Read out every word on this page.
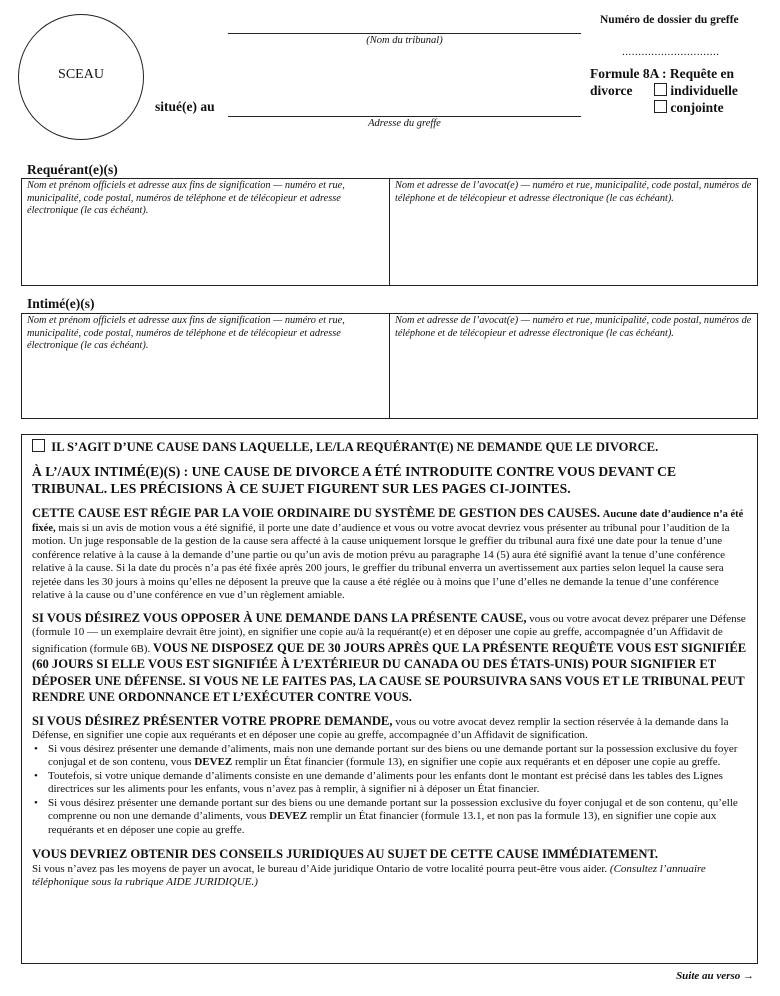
SCEAU
(Nom du tribunal)
situé(e) au
Adresse du greffe
Numéro de dossier du greffe
..............................
Formule 8A : Requête en
divorce	individuelle
conjointe
Requérant(e)(s)
Nom et prénom officiels et adresse aux fins de signification — numéro et rue, municipalité, code postal, numéros de téléphone et de télécopieur et adresse électronique (le cas échéant).
Nom et adresse de l’avocat(e) — numéro et rue, municipalité, code postal, numéros de téléphone et de télécopieur et adresse électronique (le cas échéant).
Intimé(e)(s)
Nom et prénom officiels et adresse aux fins de signification — numéro et rue, municipalité, code postal, numéros de téléphone et de télécopieur et adresse électronique (le cas échéant).
Nom et adresse de l’avocat(e) — numéro et rue, municipalité, code postal, numéros de téléphone et de télécopieur et adresse électronique (le cas échéant).

IL S’AGIT D’UNE CAUSE DANS LAQUELLE, LE/LA REQUÉRANT(E) NE DEMANDE QUE LE DIVORCE.

À L’/AUX INTIMÉ(E)(S) : UNE CAUSE DE DIVORCE A ÉTÉ INTRODUITE CONTRE VOUS DEVANT CE TRIBUNAL. LES PRÉCISIONS À CE SUJET FIGURENT SUR LES PAGES CI-JOINTES.

CETTE CAUSE EST RÉGIE PAR LA VOIE ORDINAIRE DU SYSTÈME DE GESTION DES CAUSES. Aucune date d’audience n’a été fixée, mais si un avis de motion vous a été signifié, il porte une date d’audience et vous ou votre avocat devriez vous présenter au tribunal pour l’audition de la motion. Un juge responsable de la gestion de la cause sera affecté à la cause uniquement lorsque le greffier du tribunal aura fixé une date pour la tenue d’une conférence relative à la cause à la demande d’une partie ou qu’un avis de motion prévu au paragraphe 14 (5) aura été signifié avant la tenue d’une conférence relative à la cause. Si la date du procès n’a pas été fixée après 200 jours, le greffier du tribunal enverra un avertissement aux parties selon lequel la cause sera rejetée dans les 30 jours à moins qu’elles ne déposent la preuve que la cause a été réglée ou à moins que l’une d’elles ne demande la tenue d’une conférence relative à la cause ou d’une conférence en vue d’un règlement amiable.

SI VOUS DÉSIREZ VOUS OPPOSER À UNE DEMANDE DANS LA PRÉSENTE CAUSE, vous ou votre avocat devez préparer une Défense (formule 10 — un exemplaire devrait être joint), en signifier une copie au/à la requérant(e) et en déposer une copie au greffe, accompagnée d’un Affidavit de signification (formule 6B). VOUS NE DISPOSEZ QUE DE 30 JOURS APRÈS QUE LA PRÉSENTE REQUÊTE VOUS EST SIGNIFIÉE (60 JOURS SI ELLE VOUS EST SIGNIFIÉE À L’EXTÉRIEUR DU CANADA OU DES ÉTATS-UNIS) POUR SIGNIFIER ET DÉPOSER UNE DÉFENSE. SI VOUS NE LE FAITES PAS, LA CAUSE SE POURSUIVRA SANS VOUS ET LE TRIBUNAL PEUT RENDRE UNE ORDONNANCE ET L’EXÉCUTER CONTRE VOUS.

SI VOUS DÉSIREZ PRÉSENTER VOTRE PROPRE DEMANDE, vous ou votre avocat devez remplir la section réservée à la demande dans la Défense, en signifier une copie aux requérants et en déposer une copie au greffe, accompagnée d’un Affidavit de signification.

• Si vous désirez présenter une demande d’aliments, mais non une demande portant sur des biens ou une demande portant sur la possession exclusive du foyer conjugal et de son contenu, vous DEVEZ remplir un État financier (formule 13), en signifier une copie aux requérants et en déposer une copie au greffe.
• Toutefois, si votre unique demande d’aliments consiste en une demande d’aliments pour les enfants dont le montant est précisé dans les tables des Lignes directrices sur les aliments pour les enfants, vous n’avez pas à remplir, à signifier ni à déposer un État financier.
• Si vous désirez présenter une demande portant sur des biens ou une demande portant sur la possession exclusive du foyer conjugal et de son contenu, qu’elle comprenne ou non une demande d’aliments, vous DEVEZ remplir un État financier (formule 13.1, et non pas la formule 13), en signifier une copie aux requérants et en déposer une copie au greffe.

VOUS DEVRIEZ OBTENIR DES CONSEILS JURIDIQUES AU SUJET DE CETTE CAUSE IMMÉDIATEMENT.
Si vous n’avez pas les moyens de payer un avocat, le bureau d’Aide juridique Ontario de votre localité pourra peut-être vous aider. (Consultez l’annuaire téléphonique sous la rubrique AIDE JURIDIQUE.)

Suite au verso →
